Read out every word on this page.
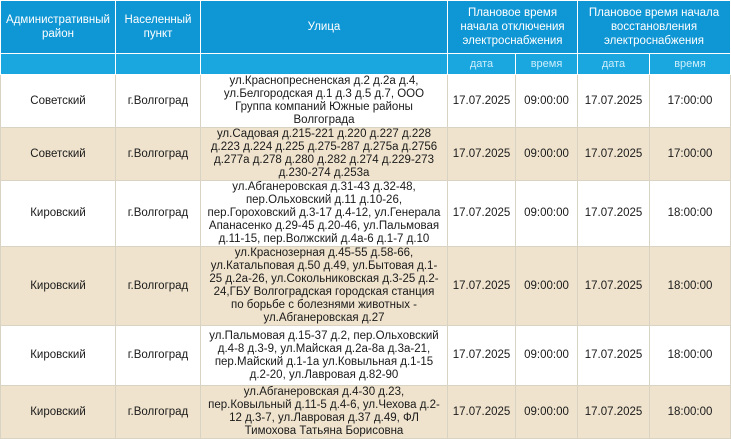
Административный район	Населенный пункт	Улица	Плановое время начала отключения электроснабжения		Плановое время начала восстановления электроснабжения	
			дата	время	дата	время
Советский	г.Волгоград	ул.Краснопресненская д.2 д.2а д.4, ул.Белгородская д.1 д.3 д.5 д.7, ООО Группа компаний Южные районы Волгограда	17.07.2025	09:00:00	17.07.2025	17:00:00
Советский	г.Волгоград	ул.Садовая д.215-221 д.220 д.227 д.228 д.223 д.224 д.225 д.275-287 д.275а д.2756 д.277а д.278 д.280 д.282 д.274 д.229-273 д.230-274 д.253а	17.07.2025	09:00:00	17.07.2025	17:00:00
Кировский	г.Волгоград	ул.Абганеровская д.31-43 д.32-48, пер.Ольховский д.11 д.10-26, пер.Гороховский д.3-17 д.4-12, ул.Генерала Апанасенко д.29-45 д.20-46, ул.Пальмовая д.11-15, пер.Волжский д.4а-6 д.1-7 д.10	17.07.2025	09:00:00	17.07.2025	18:00:00
Кировский	г.Волгоград	ул.Краснозерная д.45-55 д.58-66, ул.Катальповая д.50 д.49, ул.Бытовая д.1-25 д.2а-26, ул.Сокольниковская д.3-25 д.2-24,ГБУ Волгоградская городская станция по борьбе с болезнями животных - ул.Абганеровская д.27	17.07.2025	09:00:00	17.07.2025	18:00:00
Кировский	г.Волгоград	ул.Пальмовая д.15-37 д.2, пер.Ольховский д.4-8 д.3-9, ул.Майская д.2а-8а д.3а-21, пер.Майский д.1-1а ул.Ковыльная д.1-15 д.2-20, ул.Лавровая д.82-90	17.07.2025	09:00:00	17.07.2025	18:00:00
Кировский	г.Волгоград	ул.Абганеровская д.4-30 д.23, пер.Ковыльный д.11-5 д.4-6, ул.Чехова д.2-12 д.3-7, ул.Лавровая д.37 д.49, ФЛ Тимохова Татьяна Борисовна	17.07.2025	09:00:00	17.07.2025	18:00:00
